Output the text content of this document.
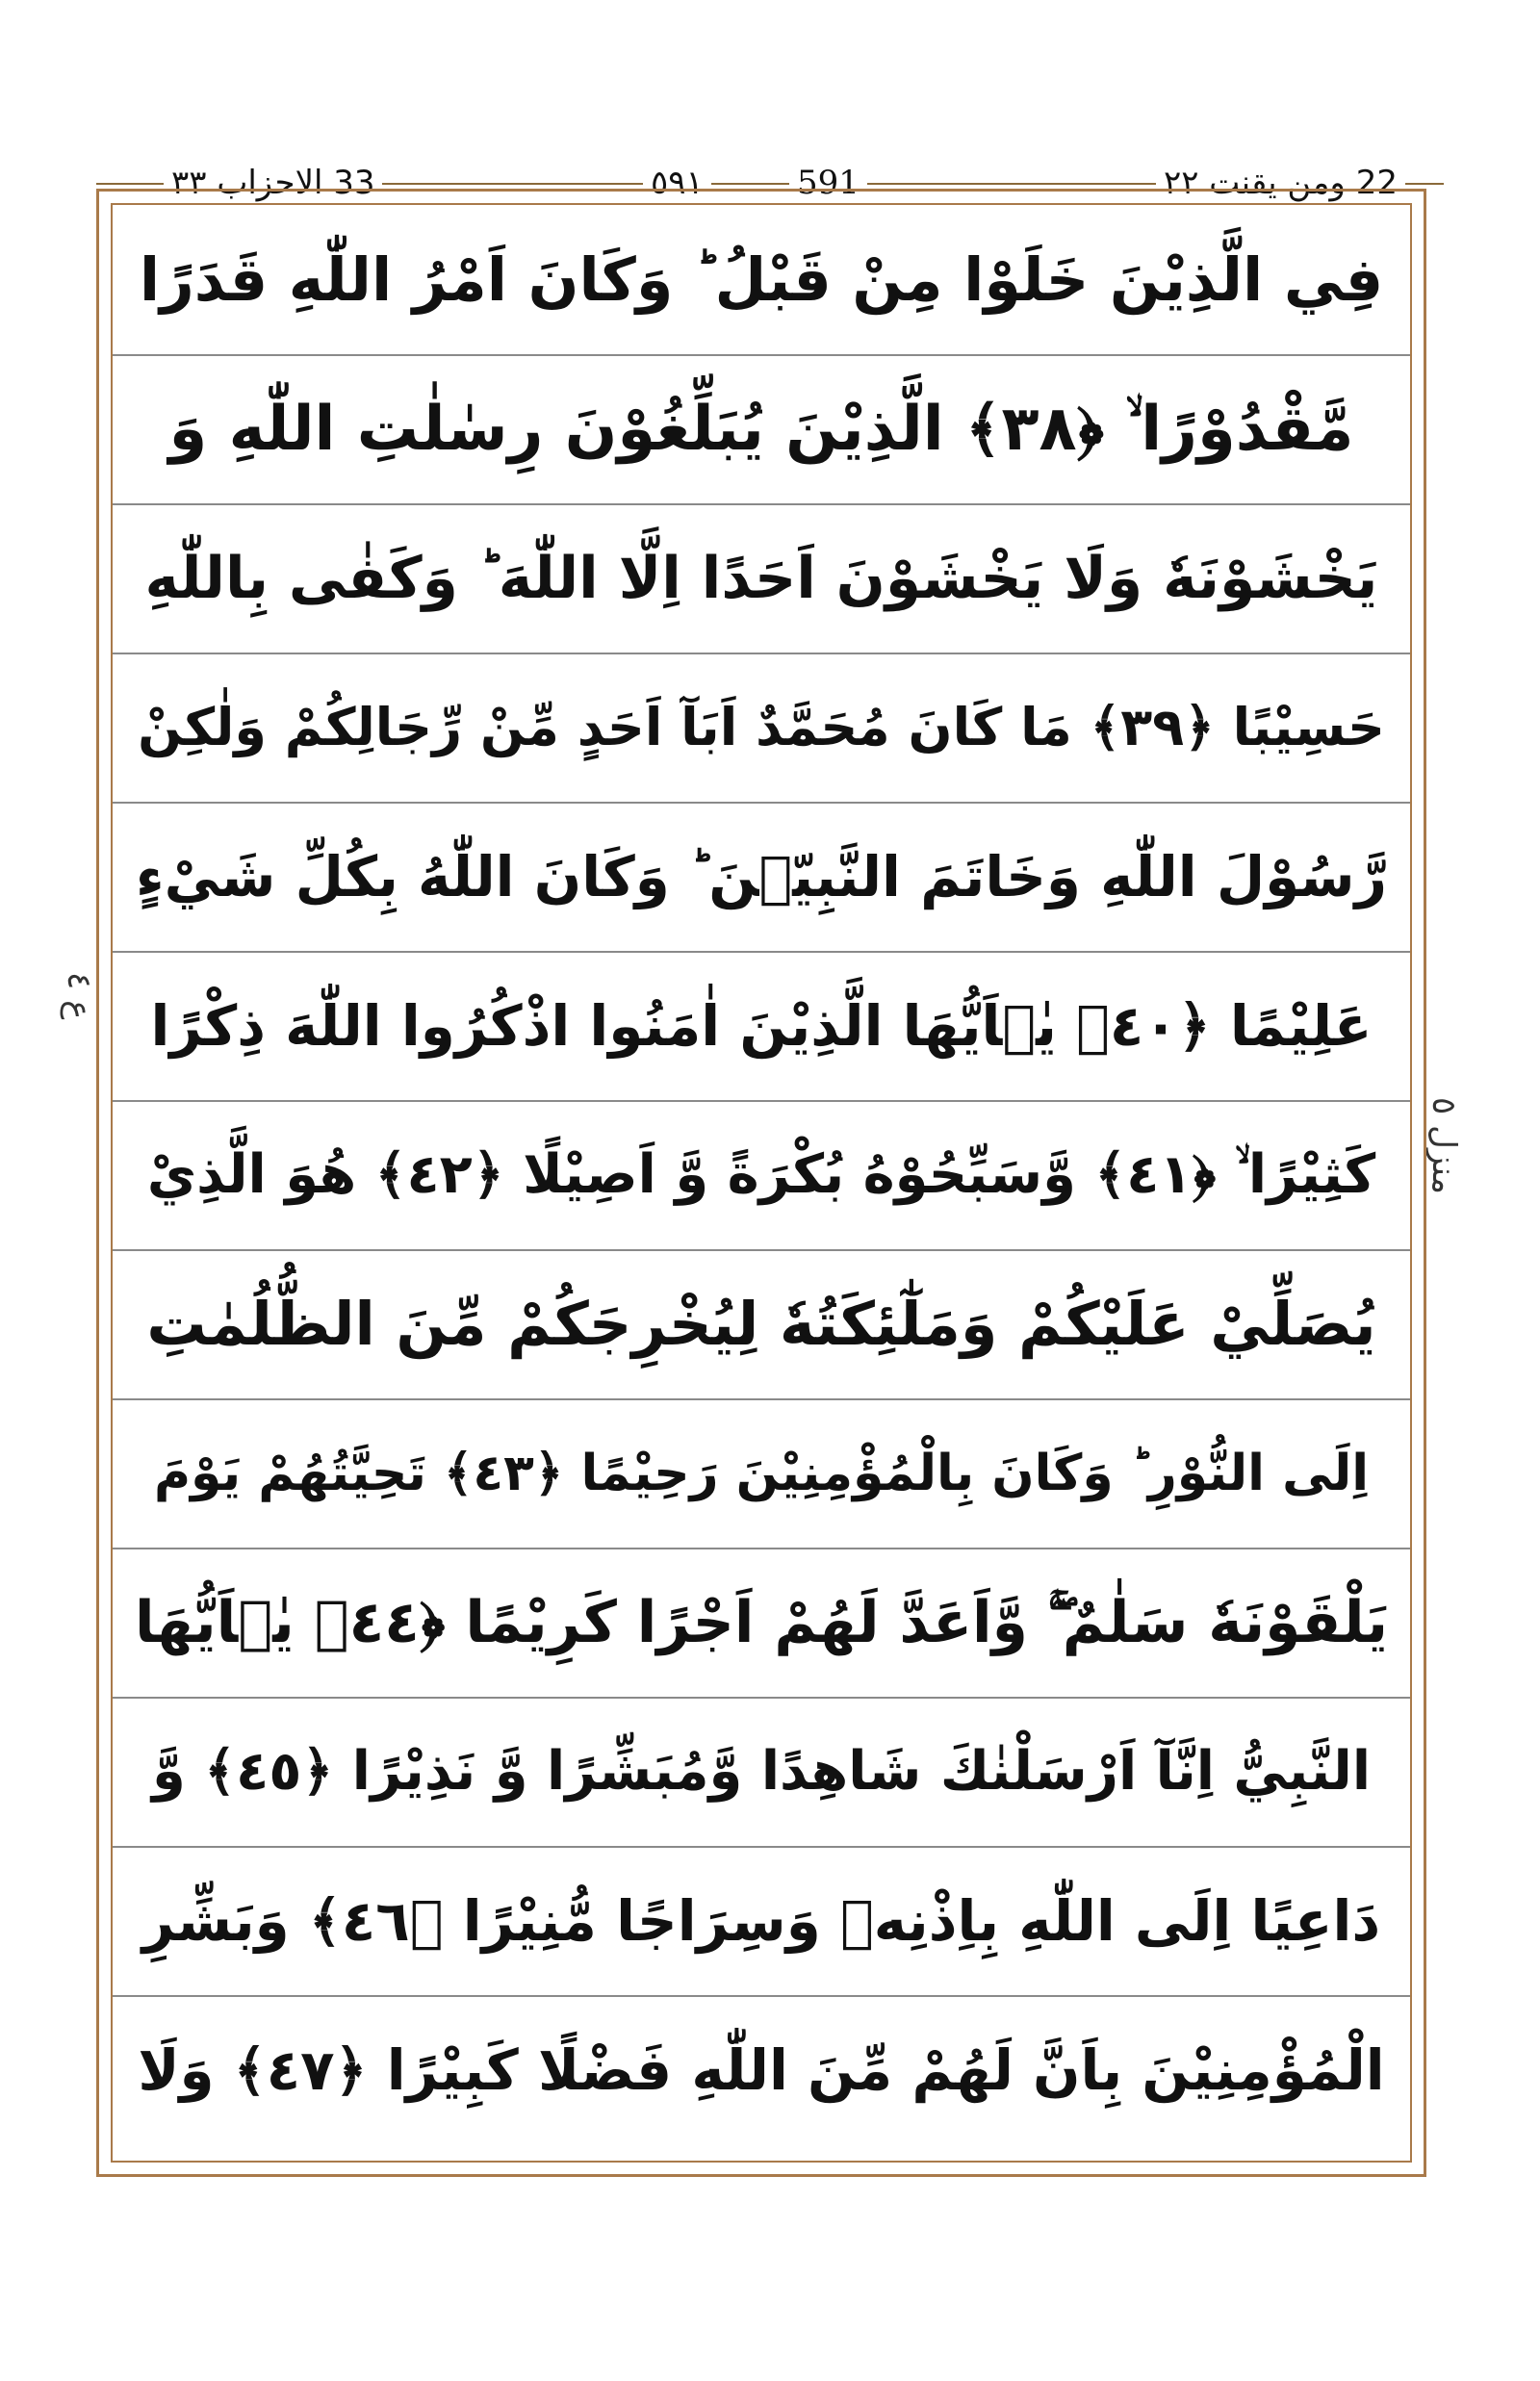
33 الاحزاب ٣٣	٥٩١	591	22 ومن يقنت ٢٢
ع ٤
منزل ٥
فِي الَّذِيْنَ خَلَوْا مِنْ قَبْلُ ؕ وَكَانَ اَمْرُ اللّٰهِ قَدَرًا
مَّقْدُوْرًا ۙ ﴿٣٨﴾ الَّذِيْنَ يُبَلِّغُوْنَ رِسٰلٰتِ اللّٰهِ وَ
يَخْشَوْنَهٗ وَلَا يَخْشَوْنَ اَحَدًا اِلَّا اللّٰهَ ؕ وَكَفٰى بِاللّٰهِ
حَسِيْبًا ﴿٣٩﴾ مَا كَانَ مُحَمَّدٌ اَبَآ اَحَدٍ مِّنْ رِّجَالِكُمْ وَلٰكِنْ
رَّسُوْلَ اللّٰهِ وَخَاتَمَ النَّبِيّٖنَ ؕ وَكَانَ اللّٰهُ بِكُلِّ شَيْءٍ
عَلِيْمًا ﴿٤٠﴾ يٰۤاَيُّهَا الَّذِيْنَ اٰمَنُوا اذْكُرُوا اللّٰهَ ذِكْرًا
كَثِيْرًا ۙ ﴿٤١﴾ وَّسَبِّحُوْهُ بُكْرَةً وَّ اَصِيْلًا ﴿٤٢﴾ هُوَ الَّذِيْ
يُصَلِّيْ عَلَيْكُمْ وَمَلٰٓئِكَتُهٗ لِيُخْرِجَكُمْ مِّنَ الظُّلُمٰتِ
اِلَى النُّوْرِ ؕ وَكَانَ بِالْمُؤْمِنِيْنَ رَحِيْمًا ﴿٤٣﴾ تَحِيَّتُهُمْ يَوْمَ
يَلْقَوْنَهٗ سَلٰمٌ ۚۖ وَّاَعَدَّ لَهُمْ اَجْرًا كَرِيْمًا ﴿٤٤﴾ يٰۤاَيُّهَا
النَّبِيُّ اِنَّآ اَرْسَلْنٰكَ شَاهِدًا وَّمُبَشِّرًا وَّ نَذِيْرًا ﴿٤٥﴾ وَّ
دَاعِيًا اِلَى اللّٰهِ بِاِذْنِهٖ وَسِرَاجًا مُّنِيْرًا ﴿٤٦﴾ وَبَشِّرِ
الْمُؤْمِنِيْنَ بِاَنَّ لَهُمْ مِّنَ اللّٰهِ فَضْلًا كَبِيْرًا ﴿٤٧﴾ وَلَا
